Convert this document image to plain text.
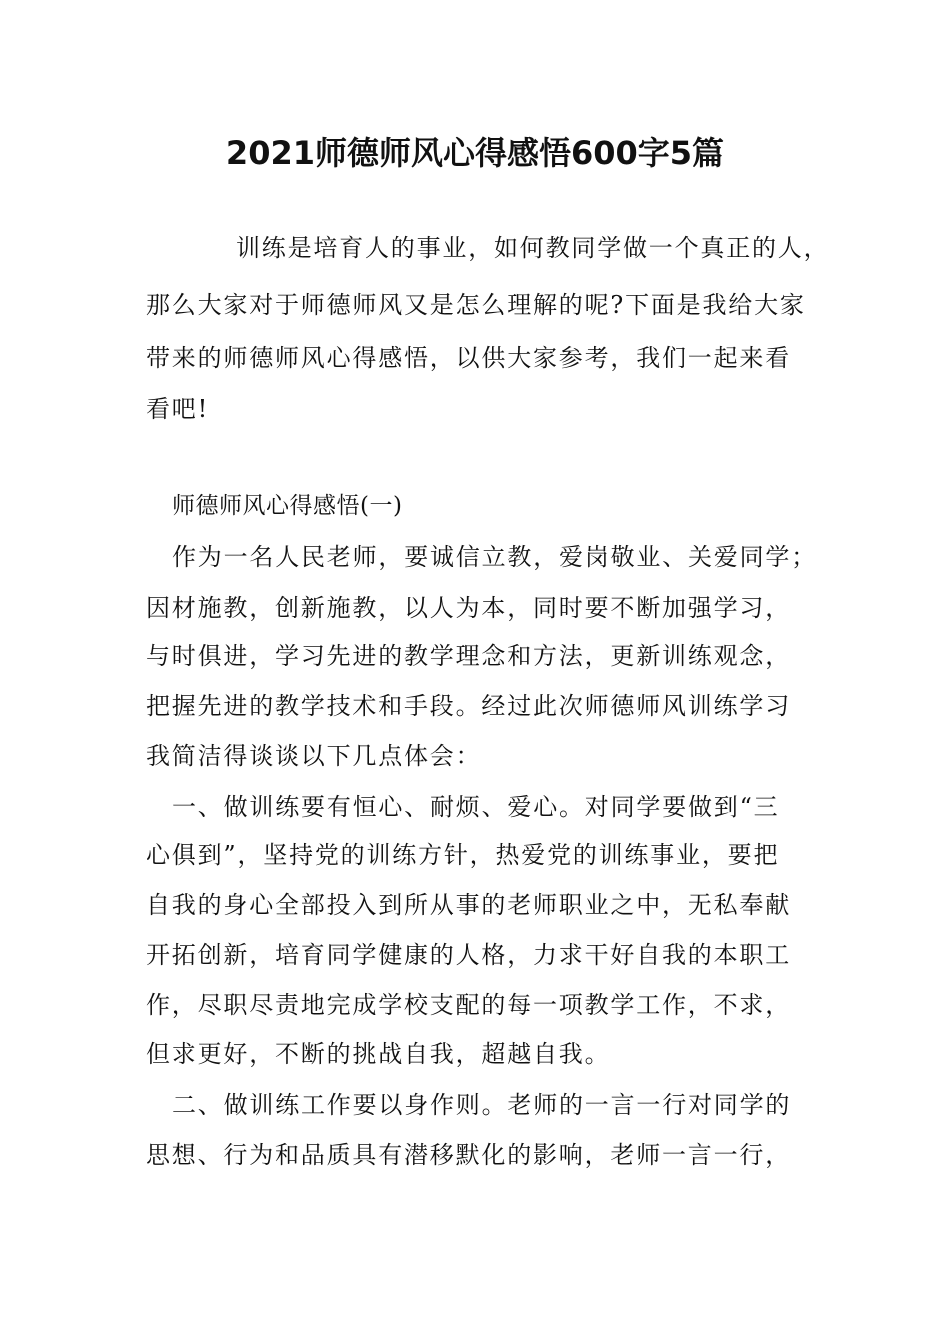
2021师德师风心得感悟600字5篇

训练是培育人的事业，如何教同学做一个真正的人，

那么大家对于师德师风又是怎么理解的呢?下面是我给大家

带来的师德师风心得感悟，以供大家参考，我们一起来看

看吧!

师德师风心得感悟(一)

作为一名人民老师，要诚信立教，爱岗敬业、关爱同学；

因材施教，创新施教，以人为本，同时要不断加强学习，

与时俱进，学习先进的教学理念和方法，更新训练观念，

把握先进的教学技术和手段。经过此次师德师风训练学习

我简洁得谈谈以下几点体会：

一、做训练要有恒心、耐烦、爱心。对同学要做到“三

心俱到”，坚持党的训练方针，热爱党的训练事业，要把

自我的身心全部投入到所从事的老师职业之中，无私奉献

开拓创新，培育同学健康的人格，力求干好自我的本职工

作，尽职尽责地完成学校支配的每一项教学工作，不求，

但求更好，不断的挑战自我，超越自我。

二、做训练工作要以身作则。老师的一言一行对同学的

思想、行为和品质具有潜移默化的影响，老师一言一行，
